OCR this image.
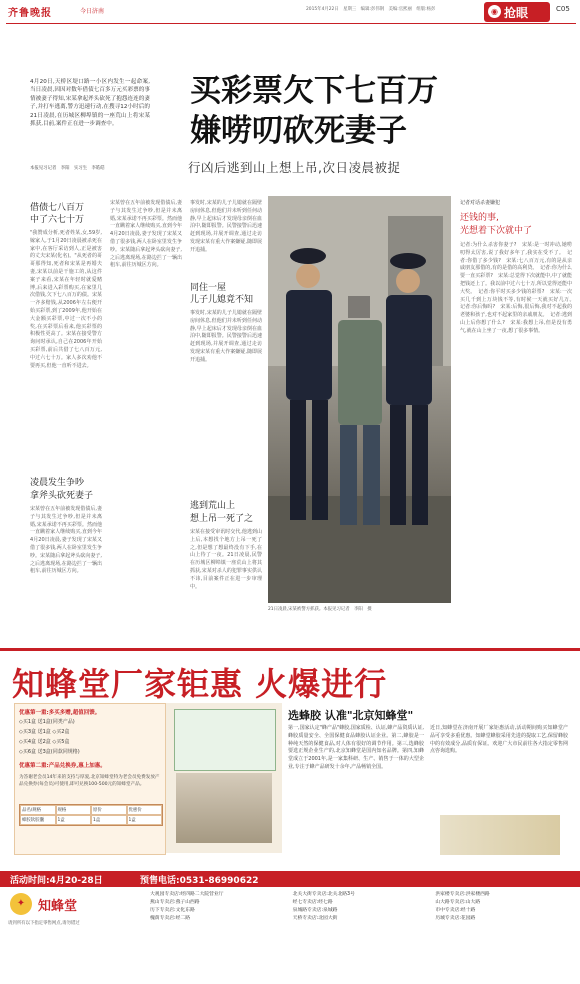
齐鲁晚报	今日济南	2015年4月22日　星期三　编辑:彭伟钢　美编:官熙丽　组版:杨彭	◉ 抢眼	C05
4月20日,天桥区堤口路一小区内发生一起命案,当日凌晨,因因对数年借债七百多万元买彩票的事情被妻子得知,宋某拿起斧头砍死了抱怨连连的妻子,并打车逃离,警方迅速行动,在搜寻12小时后的21日凌晨,在历城区柳埠镇的一座荒山上将宋某抓获,目前,案件正在进一步调查中。
本报见习记者　李阳　实习生　李皓皓
买彩票欠下七百万
嫌唠叨砍死妻子
行凶后逃到山上想上吊,次日凌晨被捉
借债七八百万
中了六七十万
"我赞成分析,死者姓某,女,59岁,嫁家人,于1月20日凌晨被杀死在家中,在客厅采访到人,正是被害的丈夫宋某(化名)。"从死者的哥哥那得知,死者和宋某是再婚夫妻,宋某以前是干施工的,从这件案子来看,宋某在年轻时就爱赌博,后来进入彩票购买,在家里几次借钱,欠下七八百万的债。宋某一齐多赔钱,从2006年左右便开始买彩票,到了2009年,他开始在大金额买彩票,中过一次不小的奖,在买彩票后看来,他买彩票的积极性更高了。宋某在接受警方询问时承认,自己在2006年开始买彩票,前后共借了七八百万元,中过六七十万。家人多次劝他不要再买,但他一直听不进去。
凌晨发生争吵
拿斧头砍死妻子
宋某曾在五年前被发现借债后,妻子与其发生过争吵,但是并未离婚,宋某承诺不再买彩票。然而他一直瞒着家人继续购买,直到今年4月20日凌晨,妻子发现了宋某又借了很多钱,两人在卧室里发生争吵。宋某随后拿起斧头砍向妻子,之后逃离现场,在路边拦了一辆出租车,前往历城区方向。
宋某曾在五年前被发现借债后,妻子与其发生过争吵,但是并未离婚,宋某承诺不再买彩票。然而他一直瞒着家人继续购买,直到今年4月20日凌晨,妻子发现了宋某又借了很多钱,两人在卧室里发生争吵。宋某随后拿起斧头砍向妻子,之后逃离现场,在路边拦了一辆出租车,前往历城区方向。
事发时,宋某的儿子儿媳就在隔壁房间休息,但他们并未听到任何动静,早上起床后才发现母亲倒在血泊中,随即报警。民警接警后迅速赶到现场,并展开调查,通过走访发现宋某有重大作案嫌疑,随即展开追捕。
同住一屋
儿子儿媳竟不知
事发时,宋某的儿子儿媳就在隔壁房间休息,但他们并未听到任何动静,早上起床后才发现母亲倒在血泊中,随即报警。民警接警后迅速赶到现场,并展开调查,通过走访发现宋某有重大作案嫌疑,随即展开追捕。
逃到荒山上
想上吊一死了之
宋某在接受审讯时交代,他逃到山上后,本想找个地方上吊一死了之,但是想了想最终没有下手,在山上待了一夜。21日凌晨,民警在历城区柳埠镇一座荒山上将其抓获,宋某对杀人的犯罪事实供认不讳,目前案件正在进一步审理中。
21日凌晨,宋某被警方抓获。本报见习记者　李阳　摄
记者对话杀妻嫌犯
还钱的事,
光想着下次就中了
记者:为什么杀害你妻子?　宋某:是一时冲动,她唠叨得太厉害,说了我好多年了,我实在受不了。　记者:你借了多少钱?　宋某:七八百万元,有的是从亲戚朋友那借的,有的是借的高利贷。　记者:你为什么要一直买彩票?　宋某:总觉得下次就能中,中了就能把钱还上了。我以前中过六七十万,所以觉得还能中大奖。　记者:你平时买多少钱的彩票?　宋某:一次买几千到上万块钱不等,有时候一天就买好几万。　记者:你后悔吗?　宋某:后悔,很后悔,我对不起我的老婆和孩子,也对不起家里的亲戚朋友。　记者:逃到山上后你想了什么?　宋某:我想上吊,但是没有勇气,就在山上坐了一夜,想了很多事情。
知蜂堂厂家钜惠 火爆进行
优惠第一重:多买多赠,超值回馈。
◇买1盒 送1盒(同类产品)
◇买3盒 送1盒 ◇买2盒
◇买4盒 送2盒 ◇买5盒
◇买6盒 送3盒(同款同规格)
优惠第二重:产品兑换券,惠上加惠。
为答谢老会员14年来的支持与厚爱,北京知蜂堂特为老会员免费发放产品兑换券(每会员)可使用,即可兑换100-500元的知蜂堂产品。
品名/规格	规格	原价	优惠价
蜂胶软胶囊	1盒	1盒	1盒
选蜂胶 认准"北京知蜂堂"
第一,国家认定"蜂产品"蜂胶,国家质检、认证,蜂产品资质认证,蜂胶质量安全、全国保健食品蜂胶认证企业。第二,蜂胶是一种纯天然的保健食品,对人体有很好的调节作用。第三,选蜂胶要选正规企业生产的,北京知蜂堂是国内知名品牌。第四,知蜂堂成立于2001年,是一家集科研、生产、销售于一体的大型企业,专注于蜂产品研发十余年,产品畅销全国。
近日,知蜂堂在济南开展厂家钜惠活动,活动期间购买知蜂堂产品可享受多重优惠。知蜂堂蜂胶采用先进的提取工艺,保留蜂胶中的有效成分,品质有保证。欢迎广大市民前往各大指定零售网点咨询选购。
活动时间:4月20-28日	预售电话:0531-86990622
✦ 知蜂堂
请到所有以下指定零售网点,请勿错过
大观园专卖店:经四路二大院营业厅	北关大街专卖店:北关北路3号	洪家楼专卖店:洪家楼西路
燕山专卖店:燕子山西路	经七专卖店:经七路	山大路专卖店:山大路
历下专卖店:文化东路	泉城路专卖店:泉城路	市中专卖店:经十路
槐荫专卖店:经二路	天桥专卖店:北园大街	历城专卖店:花园路
